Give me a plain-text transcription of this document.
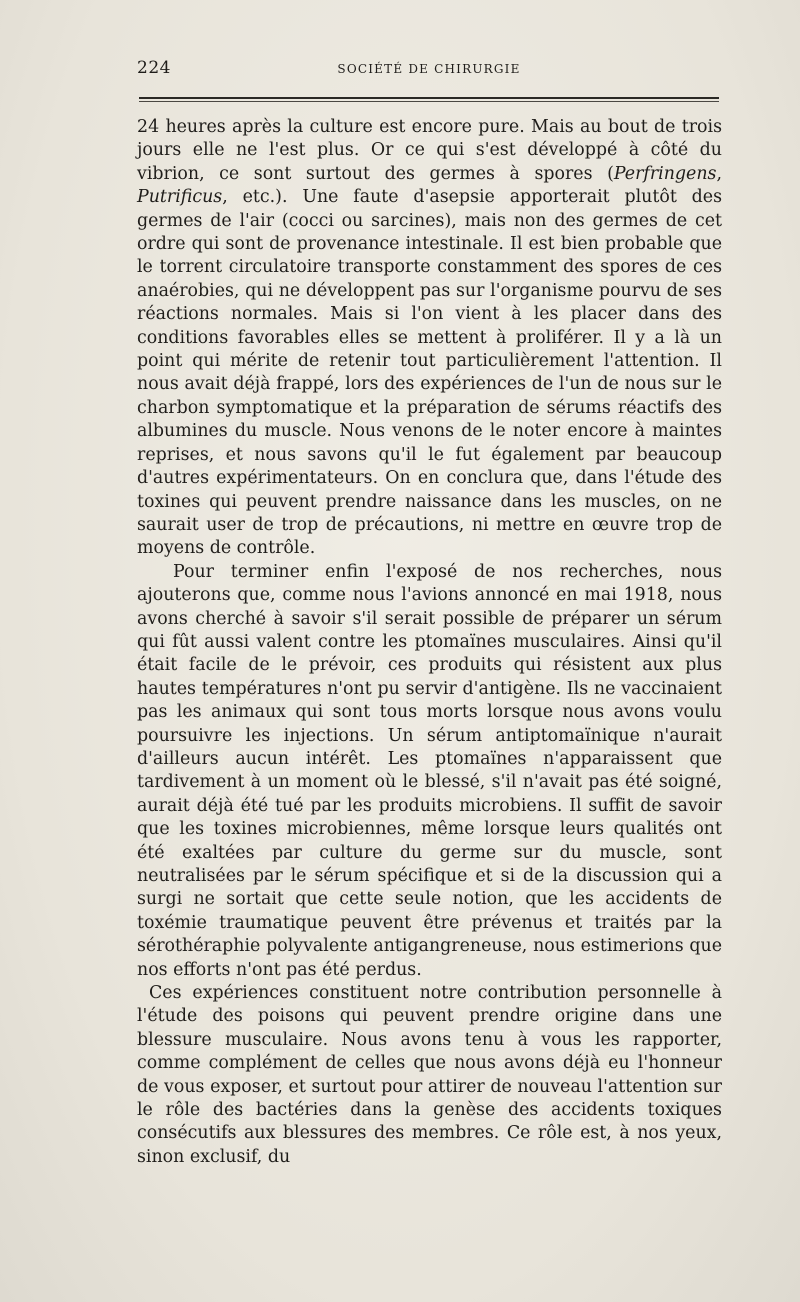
224	SOCIÉTÉ DE CHIRURGIE

24 heures après la culture est encore pure. Mais au bout de trois jours elle ne l'est plus. Or ce qui s'est développé à côté du vibrion, ce sont surtout des germes à spores (Perfringens, Putrificus, etc.). Une faute d'asepsie apporterait plutôt des germes de l'air (cocci ou sarcines), mais non des germes de cet ordre qui sont de provenance intestinale. Il est bien probable que le torrent circulatoire transporte constamment des spores de ces anaérobies, qui ne développent pas sur l'organisme pourvu de ses réactions normales. Mais si l'on vient à les placer dans des conditions favorables elles se mettent à proliférer. Il y a là un point qui mérite de retenir tout particulièrement l'attention. Il nous avait déjà frappé, lors des expériences de l'un de nous sur le charbon symptomatique et la préparation de sérums réactifs des albumines du muscle. Nous venons de le noter encore à maintes reprises, et nous savons qu'il le fut également par beaucoup d'autres expérimentateurs. On en conclura que, dans l'étude des toxines qui peuvent prendre naissance dans les muscles, on ne saurait user de trop de précautions, ni mettre en œuvre trop de moyens de contrôle.

Pour terminer enfin l'exposé de nos recherches, nous ajouterons que, comme nous l'avions annoncé en mai 1918, nous avons cherché à savoir s'il serait possible de préparer un sérum qui fût aussi valent contre les ptomaïnes musculaires. Ainsi qu'il était facile de le prévoir, ces produits qui résistent aux plus hautes températures n'ont pu servir d'antigène. Ils ne vaccinaient pas les animaux qui sont tous morts lorsque nous avons voulu poursuivre les injections. Un sérum antiptomaïnique n'aurait d'ailleurs aucun intérêt. Les ptomaïnes n'apparaissent que tardivement à un moment où le blessé, s'il n'avait pas été soigné, aurait déjà été tué par les produits microbiens. Il suffit de savoir que les toxines microbiennes, même lorsque leurs qualités ont été exaltées par culture du germe sur du muscle, sont neutralisées par le sérum spécifique et si de la discussion qui a surgi ne sortait que cette seule notion, que les accidents de toxémie traumatique peuvent être prévenus et traités par la sérothéraphie polyvalente antigangreneuse, nous estimerions que nos efforts n'ont pas été perdus.

Ces expériences constituent notre contribution personnelle à l'étude des poisons qui peuvent prendre origine dans une blessure musculaire. Nous avons tenu à vous les rapporter, comme complément de celles que nous avons déjà eu l'honneur de vous exposer, et surtout pour attirer de nouveau l'attention sur le rôle des bactéries dans la genèse des accidents toxiques consécutifs aux blessures des membres. Ce rôle est, à nos yeux, sinon exclusif, du
